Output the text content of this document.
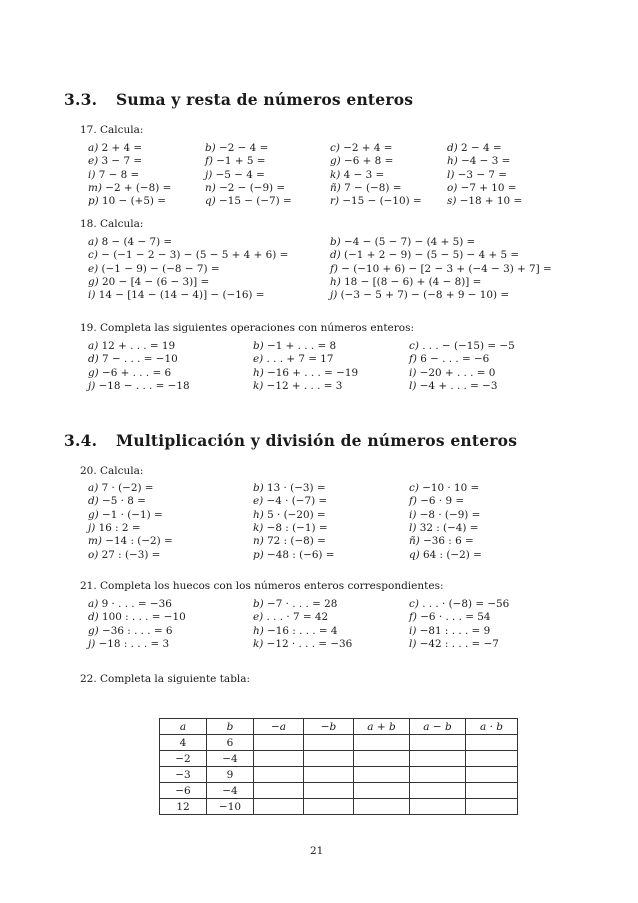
3.3. Suma y resta de números enteros
17. Calcula:
a) 2 + 4 =	b) −2 − 4 =	c) −2 + 4 =	d) 2 − 4 =
e) 3 − 7 =	f) −1 + 5 =	g) −6 + 8 =	h) −4 − 3 =
i) 7 − 8 =	j) −5 − 4 =	k) 4 − 3 =	l) −3 − 7 =
m) −2 + (−8) =	n) −2 − (−9) =	ñ) 7 − (−8) =	o) −7 + 10 =
p) 10 − (+5) =	q) −15 − (−7) =	r) −15 − (−10) = s) −18 + 10 =
18. Calcula:
a) 8 − (4 − 7) =	b) −4 − (5 − 7) − (4 + 5) =
c) − (−1 − 2 − 3) − (5 − 5 + 4 + 6) =	d) (−1 + 2 − 9) − (5 − 5) − 4 + 5 =
e) (−1 − 9) − (−8 − 7) =	f) − (−10 + 6) − [2 − 3 + (−4 − 3) + 7] =
g) 20 − [4 − (6 − 3)] =	h) 18 − [(8 − 6) + (4 − 8)] =
i) 14 − [14 − (14 − 4)] − (−16) =	j) (−3 − 5 + 7) − (−8 + 9 − 10) =
19. Completa las siguientes operaciones con números enteros:
a) 12 + . . . = 19	b) −1 + . . . = 8	c) . . . − (−15) = −5
d) 7 − . . . = −10	e) . . . + 7 = 17	f) 6 − . . . = −6
g) −6 + . . . = 6	h) −16 + . . . = −19	i) −20 + . . . = 0
j) −18 − . . . = −18	k) −12 + . . . = 3	l) −4 + . . . = −3
3.4. Multiplicación y división de números enteros
20. Calcula:
a) 7 · (−2) =	b) 13 · (−3) =	c) −10 · 10 =
d) −5 · 8 =	e) −4 · (−7) =	f) −6 · 9 =
g) −1 · (−1) =	h) 5 · (−20) =	i) −8 · (−9) =
j) 16 : 2 =	k) −8 : (−1) =	l) 32 : (−4) =
m) −14 : (−2) =	n) 72 : (−8) =	ñ) −36 : 6 =
o) 27 : (−3) =	p) −48 : (−6) =	q) 64 : (−2) =
21. Completa los huecos con los números enteros correspondientes:
a) 9 · . . . = −36	b) −7 · . . . = 28	c) . . . · (−8) = −56
d) 100 : . . . = −10	e) . . . · 7 = 42	f) −6 · . . . = 54
g) −36 : . . . = 6	h) −16 : . . . = 4	i) −81 : . . . = 9
j) −18 : . . . = 3	k) −12 · . . . = −36	l) −42 : . . . = −7
22. Completa la siguiente tabla:
a	b	−a	−b	a + b	a − b	a · b
4	6					
−2	−4					
−3	9					
−6	−4					
12	−10					
21
